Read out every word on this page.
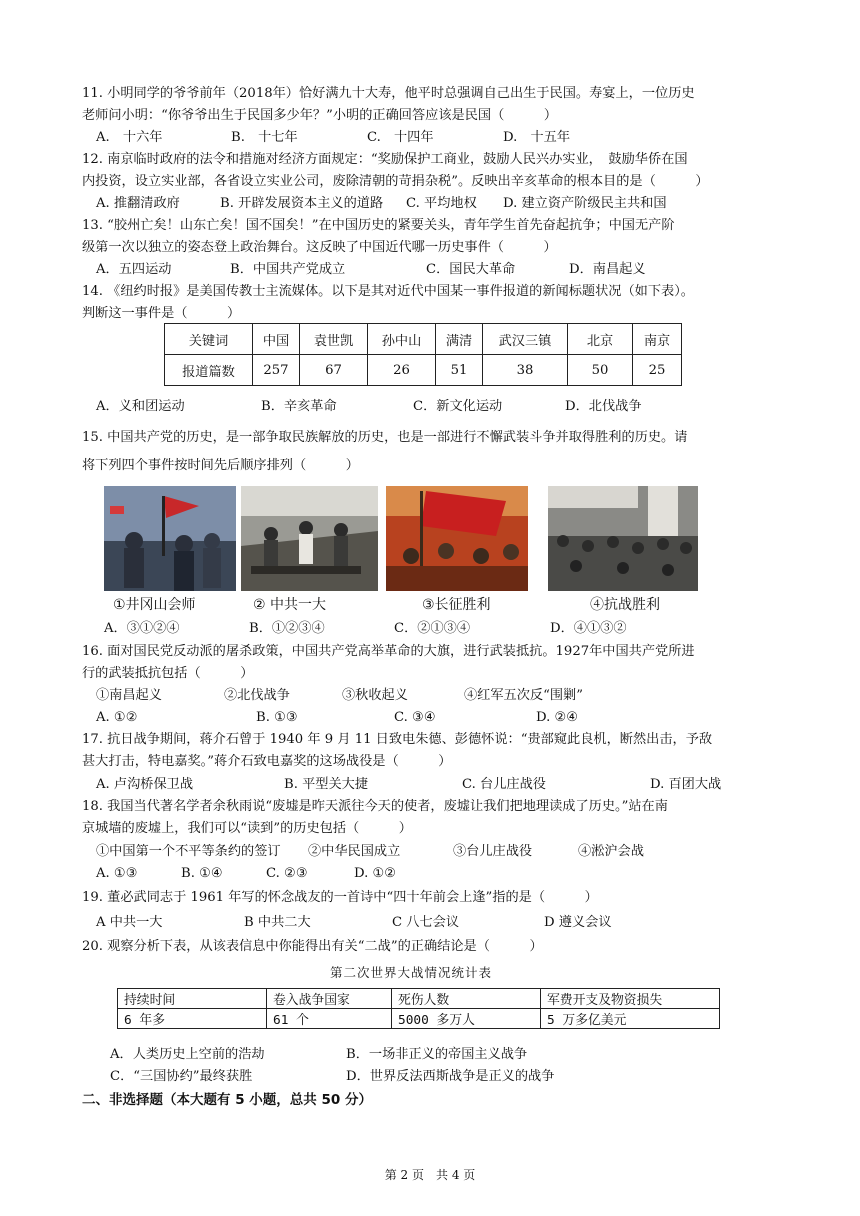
11. 小明同学的爷爷前年（2018年）恰好满九十大寿，他平时总强调自己出生于民国。寿宴上，一位历史
老师问小明：“你爷爷出生于民国多少年？”小明的正确回答应该是民国（　　　）
A.　十六年	B.　十七年	C.　十四年	D.　十五年
12. 南京临时政府的法令和措施对经济方面规定：“奖励保护工商业，鼓励人民兴办实业，　鼓励华侨在国
内投资，设立实业部，各省设立实业公司，废除清朝的苛捐杂税”。反映出辛亥革命的根本目的是（　　　）
A. 推翻清政府	B. 开辟发展资本主义的道路	C. 平均地权	D. 建立资产阶级民主共和国
13. “胶州亡矣！山东亡矣！国不国矣！”在中国历史的紧要关头，青年学生首先奋起抗争；中国无产阶
级第一次以独立的姿态登上政治舞台。这反映了中国近代哪一历史事件（　　　）
A．五四运动	B．中国共产党成立	C．国民大革命	D．南昌起义
14. 《纽约时报》是美国传教士主流媒体。以下是其对近代中国某一事件报道的新闻标题状况（如下表）。
判断这一事件是（　　　）
关键词	中国	袁世凯	孙中山	满清	武汉三镇	北京	南京
报道篇数	257	67	26	51	38	50	25
A．义和团运动	B．辛亥革命	C．新文化运动	D．北伐战争
15. 中国共产党的历史，是一部争取民族解放的历史，也是一部进行不懈武装斗争并取得胜利的历史。请
将下列四个事件按时间先后顺序排列（　　　）
①井冈山会师	② 中共一大	③长征胜利	④抗战胜利
A．③①②④	B．①②③④	C．②①③④	D．④①③②
16. 面对国民党反动派的屠杀政策，中国共产党高举革命的大旗，进行武装抵抗。1927年中国共产党所进
行的武装抵抗包括（　　　）
①南昌起义	②北伐战争	③秋收起义	④红军五次反“围剿”
A. ①②	B. ①③	C. ③④	D. ②④
17. 抗日战争期间，蒋介石曾于 1940 年 9 月 11 日致电朱德、彭德怀说：“贵部窥此良机，断然出击，予敌
甚大打击，特电嘉奖。”蒋介石致电嘉奖的这场战役是（　　　）
A. 卢沟桥保卫战	B. 平型关大捷	C. 台儿庄战役	D. 百团大战
18. 我国当代著名学者余秋雨说“废墟是昨天派往今天的使者，废墟让我们把地理读成了历史。”站在南
京城墙的废墟上，我们可以“读到”的历史包括（　　　）
①中国第一个不平等条约的签订	②中华民国成立	③台儿庄战役	④淞沪会战
A. ①③	B. ①④	C. ②③	D. ①②
19. 董必武同志于 1961 年写的怀念战友的一首诗中“四十年前会上逢”指的是（　　　）
A 中共一大	B 中共二大	C 八七会议	D 遵义会议
20. 观察分析下表，从该表信息中你能得出有关“二战”的正确结论是（　　　）
第二次世界大战情况统计表
持续时间	卷入战争国家	死伤人数	军费开支及物资损失
6 年多	61 个	5000 多万人	5 万多亿美元
A．人类历史上空前的浩劫	B．一场非正义的帝国主义战争
C．“三国协约”最终获胜	D．世界反法西斯战争是正义的战争
二、非选择题（本大题有 5 小题，总共 50 分）
第 2 页　共 4 页
